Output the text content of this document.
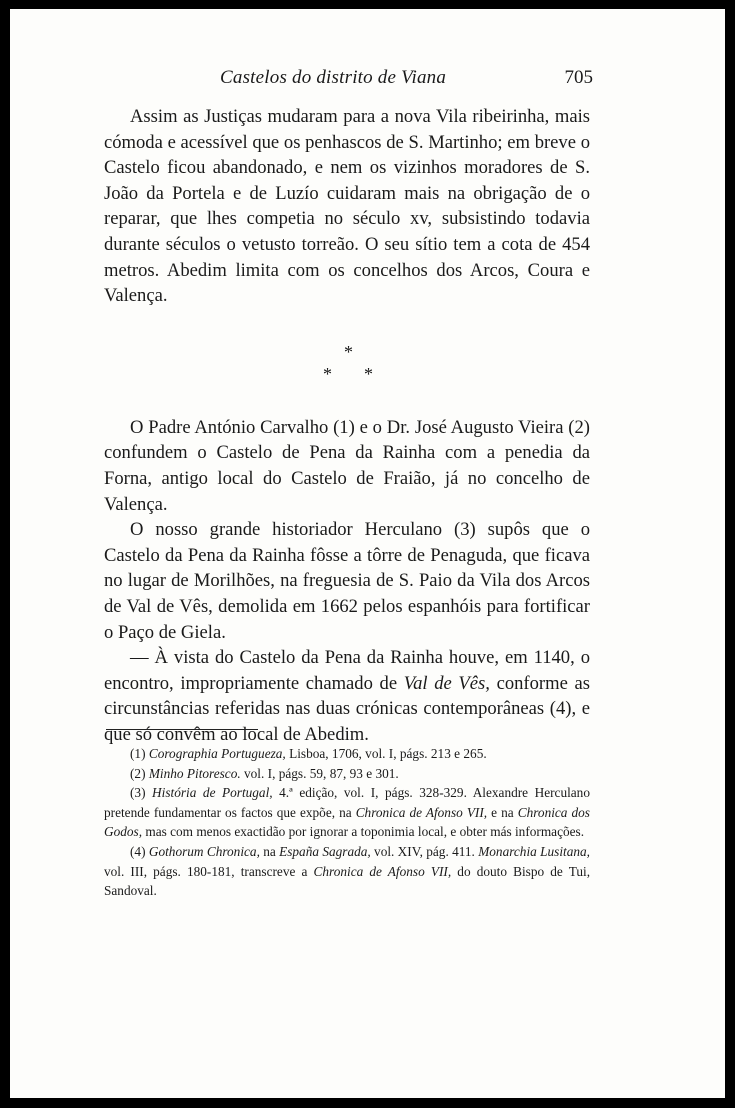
Castelos do distrito de Viana	705

Assim as Justiças mudaram para a nova Vila ribeirinha, mais cómoda e acessível que os penhascos de S. Martinho; em breve o Castelo ficou abandonado, e nem os vizinhos moradores de S. João da Portela e de Luzío cuidaram mais na obrigação de o reparar, que lhes competia no século xv, subsistindo todavia durante séculos o vetusto torreão. O seu sítio tem a cota de 454 metros. Abedim limita com os concelhos dos Arcos, Coura e Valença.

*
* *

O Padre António Carvalho (1) e o Dr. José Augusto Vieira (2) confundem o Castelo de Pena da Rainha com a penedia da Forna, antigo local do Castelo de Fraião, já no concelho de Valença.

O nosso grande historiador Herculano (3) supôs que o Castelo da Pena da Rainha fôsse a tôrre de Penaguda, que ficava no lugar de Morilhões, na freguesia de S. Paio da Vila dos Arcos de Val de Vês, demolida em 1662 pelos espanhóis para fortificar o Paço de Giela.

— À vista do Castelo da Pena da Rainha houve, em 1140, o encontro, impropriamente chamado de Val de Vês, conforme as circunstâncias referidas nas duas crónicas contemporâneas (4), e que só convêm ao local de Abedim.

(1) Corographia Portugueza, Lisboa, 1706, vol. I, págs. 213 e 265.

(2) Minho Pitoresco. vol. I, págs. 59, 87, 93 e 301.

(3) História de Portugal, 4.ª edição, vol. I, págs. 328-329. Alexandre Herculano pretende fundamentar os factos que expõe, na Chronica de Afonso VII, e na Chronica dos Godos, mas com menos exactidão por ignorar a toponimia local, e obter más informações.

(4) Gothorum Chronica, na España Sagrada, vol. XIV, pág. 411. Monarchia Lusitana, vol. III, págs. 180-181, transcreve a Chronica de Afonso VII, do douto Bispo de Tui, Sandoval.
